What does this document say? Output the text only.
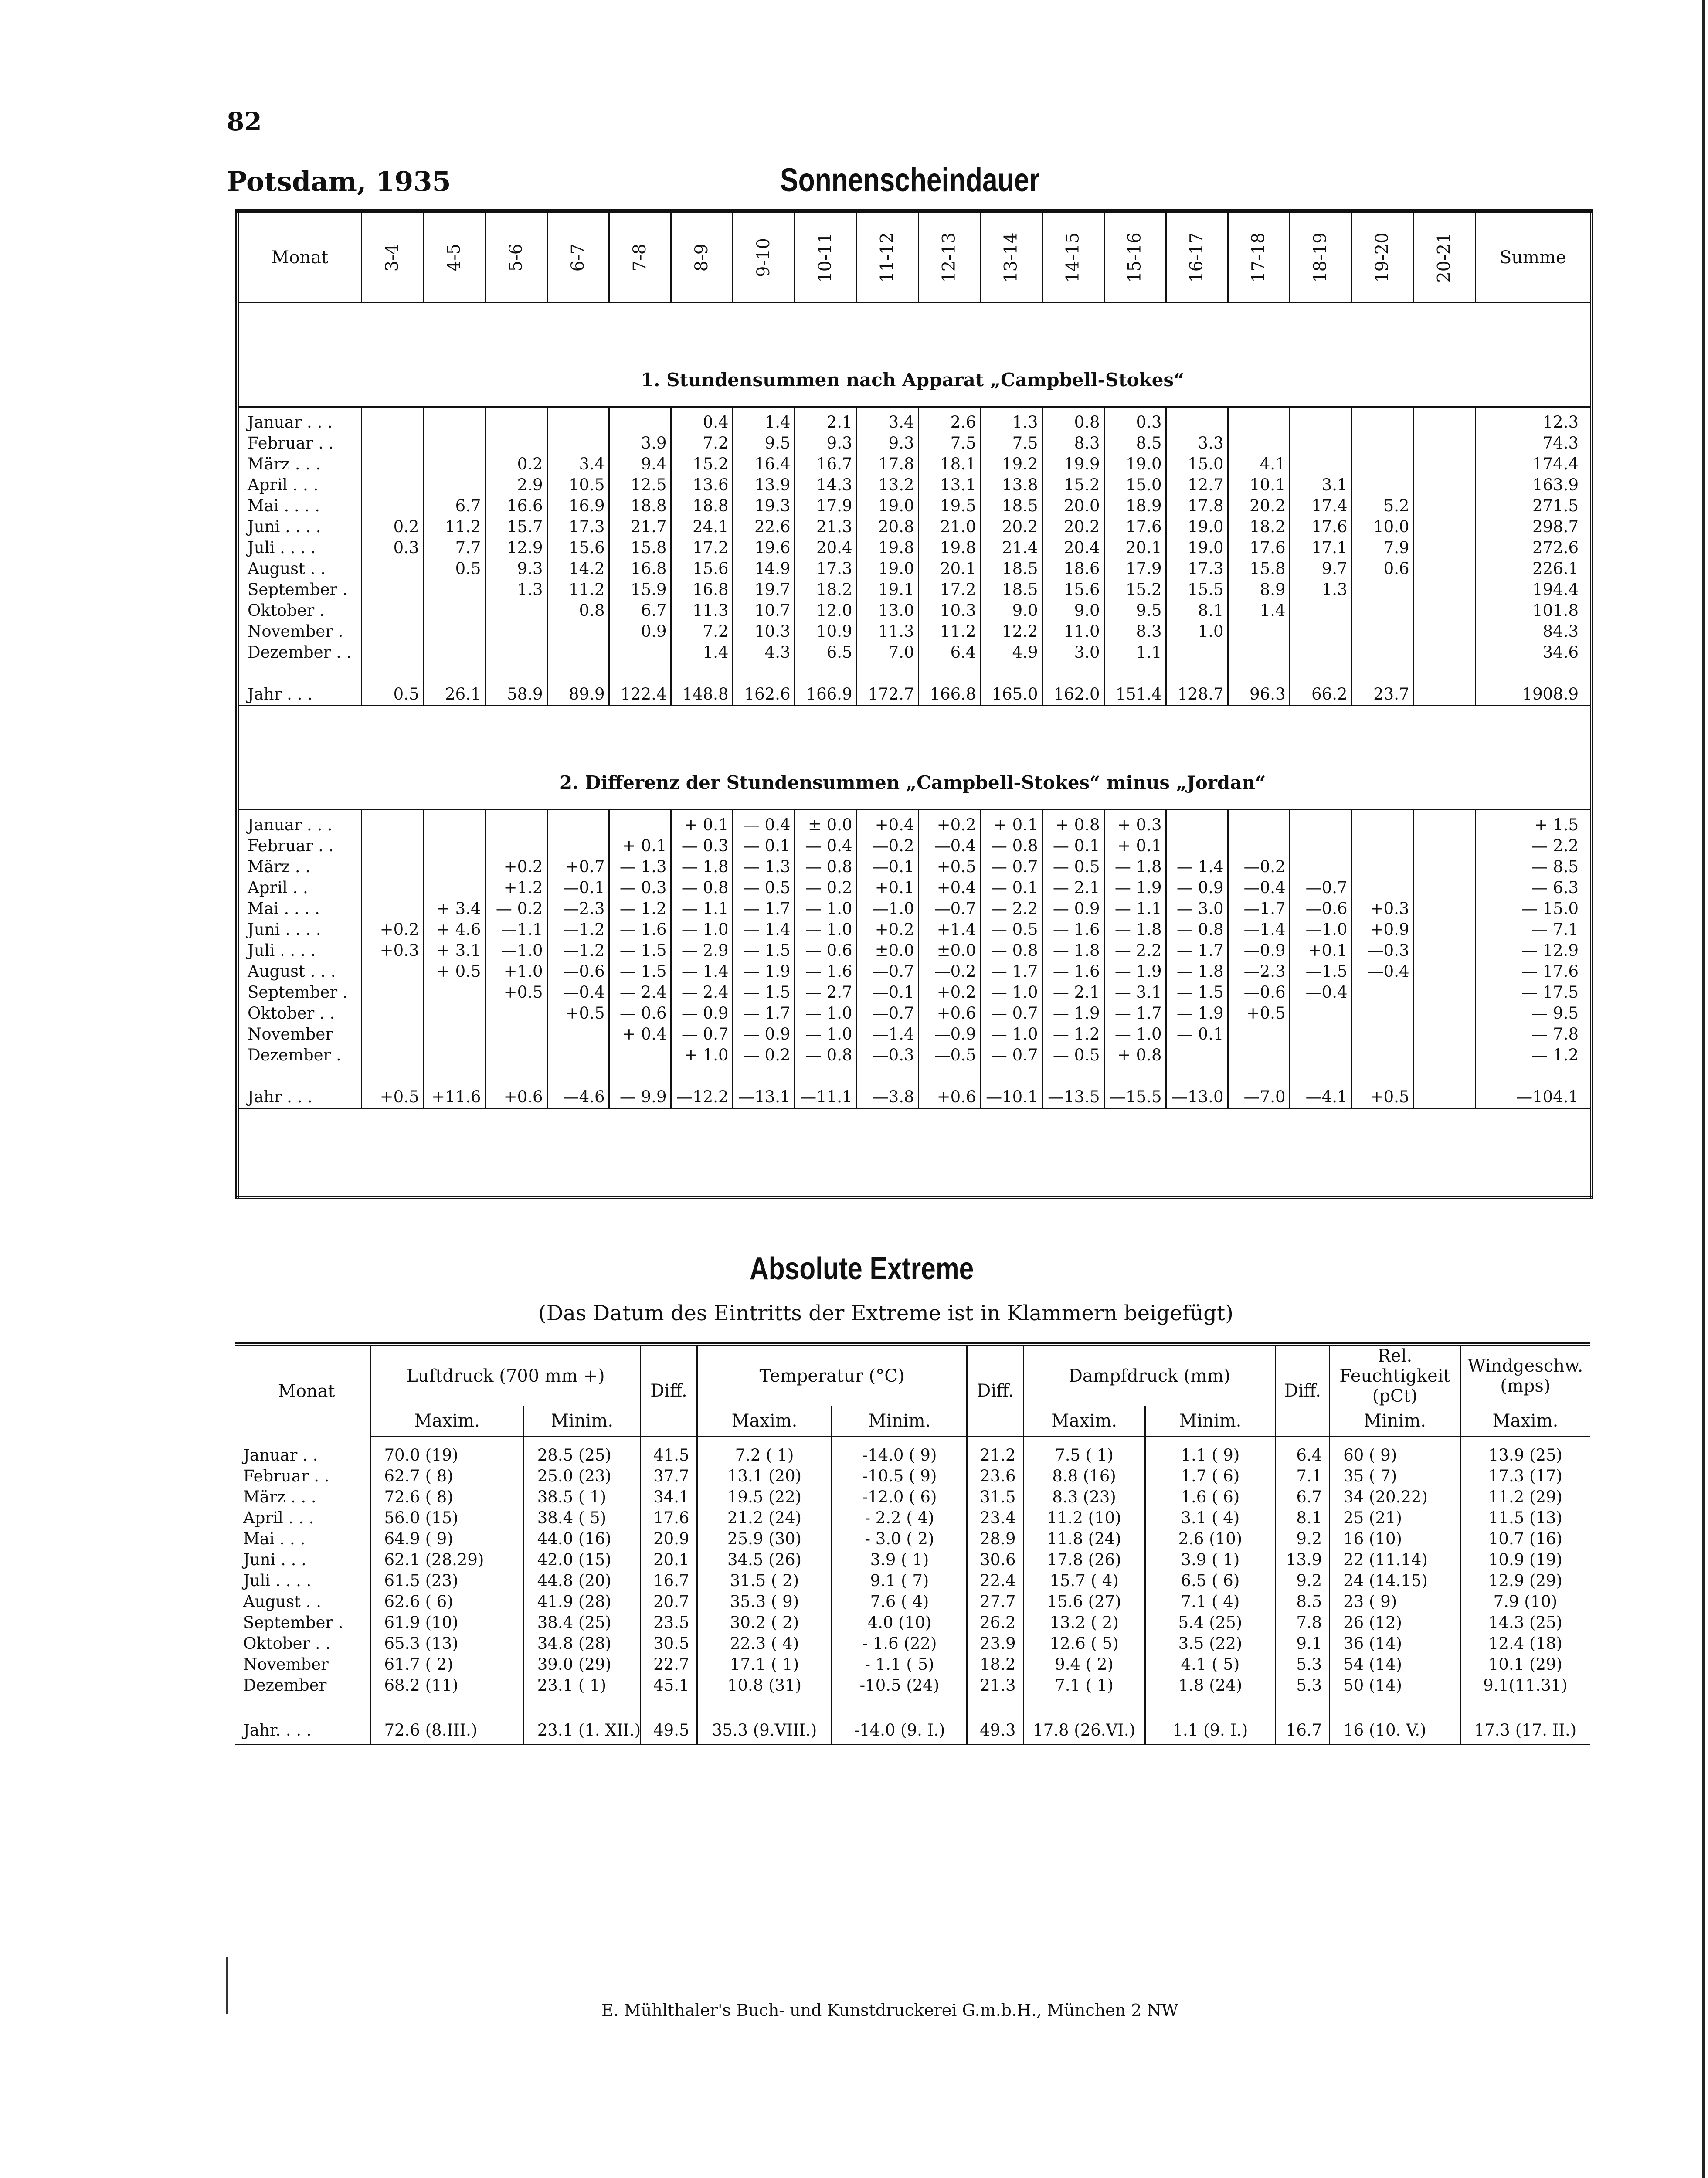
82
Potsdam, 1935	Sonnenscheindauer
Monat	3-4	4-5	5-6	6-7	7-8	8-9	9-10	10-11	11-12	12-13	13-14	14-15	15-16	16-17	17-18	18-19	19-20	20-21	Summe
1. Stundensummen nach Apparat „Campbell-Stokes“																			
Januar . . .						0.4	1.4	2.1	3.4	2.6	1.3	0.8	0.3						12.3
Februar . .					3.9	7.2	9.5	9.3	9.3	7.5	7.5	8.3	8.5	3.3					74.3
März . . .			0.2	3.4	9.4	15.2	16.4	16.7	17.8	18.1	19.2	19.9	19.0	15.0	4.1				174.4
April . . .			2.9	10.5	12.5	13.6	13.9	14.3	13.2	13.1	13.8	15.2	15.0	12.7	10.1	3.1			163.9
Mai . . . .		6.7	16.6	16.9	18.8	18.8	19.3	17.9	19.0	19.5	18.5	20.0	18.9	17.8	20.2	17.4	5.2		271.5
Juni . . . .	0.2	11.2	15.7	17.3	21.7	24.1	22.6	21.3	20.8	21.0	20.2	20.2	17.6	19.0	18.2	17.6	10.0		298.7
Juli . . . .	0.3	7.7	12.9	15.6	15.8	17.2	19.6	20.4	19.8	19.8	21.4	20.4	20.1	19.0	17.6	17.1	7.9		272.6
August . .		0.5	9.3	14.2	16.8	15.6	14.9	17.3	19.0	20.1	18.5	18.6	17.9	17.3	15.8	9.7	0.6		226.1
September .			1.3	11.2	15.9	16.8	19.7	18.2	19.1	17.2	18.5	15.6	15.2	15.5	8.9	1.3			194.4
Oktober .				0.8	6.7	11.3	10.7	12.0	13.0	10.3	9.0	9.0	9.5	8.1	1.4				101.8
November .					0.9	7.2	10.3	10.9	11.3	11.2	12.2	11.0	8.3	1.0					84.3
Dezember . .						1.4	4.3	6.5	7.0	6.4	4.9	3.0	1.1						34.6

Jahr . . .	0.5	26.1	58.9	89.9	122.4	148.8	162.6	166.9	172.7	166.8	165.0	162.0	151.4	128.7	96.3	66.2	23.7		1908.9
2. Differenz der Stundensummen „Campbell-Stokes“ minus „Jordan“																			
Januar . . .						+ 0.1	— 0.4	± 0.0	+0.4	+0.2	+ 0.1	+ 0.8	+ 0.3						+ 1.5
Februar . .					+ 0.1	— 0.3	— 0.1	— 0.4	—0.2	—0.4	— 0.8	— 0.1	+ 0.1						— 2.2
März . .			+0.2	+0.7	— 1.3	— 1.8	— 1.3	— 0.8	—0.1	+0.5	— 0.7	— 0.5	— 1.8	— 1.4	—0.2				— 8.5
April . .			+1.2	—0.1	— 0.3	— 0.8	— 0.5	— 0.2	+0.1	+0.4	— 0.1	— 2.1	— 1.9	— 0.9	—0.4	—0.7			— 6.3
Mai . . . .		+ 3.4	— 0.2	—2.3	— 1.2	— 1.1	— 1.7	— 1.0	—1.0	—0.7	— 2.2	— 0.9	— 1.1	— 3.0	—1.7	—0.6	+0.3		— 15.0
Juni . . . .	+0.2	+ 4.6	—1.1	—1.2	— 1.6	— 1.0	— 1.4	— 1.0	+0.2	+1.4	— 0.5	— 1.6	— 1.8	— 0.8	—1.4	—1.0	+0.9		— 7.1
Juli . . . .	+0.3	+ 3.1	—1.0	—1.2	— 1.5	— 2.9	— 1.5	— 0.6	±0.0	±0.0	— 0.8	— 1.8	— 2.2	— 1.7	—0.9	+0.1	—0.3		— 12.9
August . . .		+ 0.5	+1.0	—0.6	— 1.5	— 1.4	— 1.9	— 1.6	—0.7	—0.2	— 1.7	— 1.6	— 1.9	— 1.8	—2.3	—1.5	—0.4		— 17.6
September .			+0.5	—0.4	— 2.4	— 2.4	— 1.5	— 2.7	—0.1	+0.2	— 1.0	— 2.1	— 3.1	— 1.5	—0.6	—0.4			— 17.5
Oktober . .				+0.5	— 0.6	— 0.9	— 1.7	— 1.0	—0.7	+0.6	— 0.7	— 1.9	— 1.7	— 1.9	+0.5				— 9.5
November					+ 0.4	— 0.7	— 0.9	— 1.0	—1.4	—0.9	— 1.0	— 1.2	— 1.0	— 0.1					— 7.8
Dezember .						+ 1.0	— 0.2	— 0.8	—0.3	—0.5	— 0.7	— 0.5	+ 0.8						— 1.2

Jahr . . .	+0.5	+11.6	+0.6	—4.6	— 9.9	—12.2	—13.1	—11.1	—3.8	+0.6	—10.1	—13.5	—15.5	—13.0	—7.0	—4.1	+0.5		—104.1

Absolute Extreme
(Das Datum des Eintritts der Extreme ist in Klammern beigefügt)
Monat	Luftdruck (700 mm +)		Diff.	Temperatur (°C)		Diff.	Dampfdruck (mm)		Diff.	Rel. Feuchtigkeit (pCt)	Windgeschw. (mps)
	Maxim.	Minim.		Maxim.	Minim.		Maxim.	Minim.		Minim.	Maxim.

Januar . .	70.0 (19)	28.5 (25)	41.5	7.2 ( 1)	-14.0 ( 9)	21.2	7.5 ( 1)	1.1 ( 9)	6.4	60 ( 9)	13.9 (25)
Februar . .	62.7 ( 8)	25.0 (23)	37.7	13.1 (20)	-10.5 ( 9)	23.6	8.8 (16)	1.7 ( 6)	7.1	35 ( 7)	17.3 (17)
März . . .	72.6 ( 8)	38.5 ( 1)	34.1	19.5 (22)	-12.0 ( 6)	31.5	8.3 (23)	1.6 ( 6)	6.7	34 (20.22)	11.2 (29)
April . . .	56.0 (15)	38.4 ( 5)	17.6	21.2 (24)	- 2.2 ( 4)	23.4	11.2 (10)	3.1 ( 4)	8.1	25 (21)	11.5 (13)
Mai . . .	64.9 ( 9)	44.0 (16)	20.9	25.9 (30)	- 3.0 ( 2)	28.9	11.8 (24)	2.6 (10)	9.2	16 (10)	10.7 (16)
Juni . . .	62.1 (28.29)	42.0 (15)	20.1	34.5 (26)	3.9 ( 1)	30.6	17.8 (26)	3.9 ( 1)	13.9	22 (11.14)	10.9 (19)
Juli . . . .	61.5 (23)	44.8 (20)	16.7	31.5 ( 2)	9.1 ( 7)	22.4	15.7 ( 4)	6.5 ( 6)	9.2	24 (14.15)	12.9 (29)
August . .	62.6 ( 6)	41.9 (28)	20.7	35.3 ( 9)	7.6 ( 4)	27.7	15.6 (27)	7.1 ( 4)	8.5	23 ( 9)	7.9 (10)
September .	61.9 (10)	38.4 (25)	23.5	30.2 ( 2)	4.0 (10)	26.2	13.2 ( 2)	5.4 (25)	7.8	26 (12)	14.3 (25)
Oktober . .	65.3 (13)	34.8 (28)	30.5	22.3 ( 4)	- 1.6 (22)	23.9	12.6 ( 5)	3.5 (22)	9.1	36 (14)	12.4 (18)
November	61.7 ( 2)	39.0 (29)	22.7	17.1 ( 1)	- 1.1 ( 5)	18.2	9.4 ( 2)	4.1 ( 5)	5.3	54 (14)	10.1 (29)
Dezember	68.2 (11)	23.1 ( 1)	45.1	10.8 (31)	-10.5 (24)	21.3	7.1 ( 1)	1.8 (24)	5.3	50 (14)	9.1(11.31)

Jahr. . . .	72.6 (8.III.)	23.1 (1. XII.)	49.5	35.3 (9.VIII.)	-14.0 (9. I.)	49.3	17.8 (26.VI.)	1.1 (9. I.)	16.7	16 (10. V.)	17.3 (17. II.)
E. Mühlthaler's Buch- und Kunstdruckerei G.m.b.H., München 2 NW
